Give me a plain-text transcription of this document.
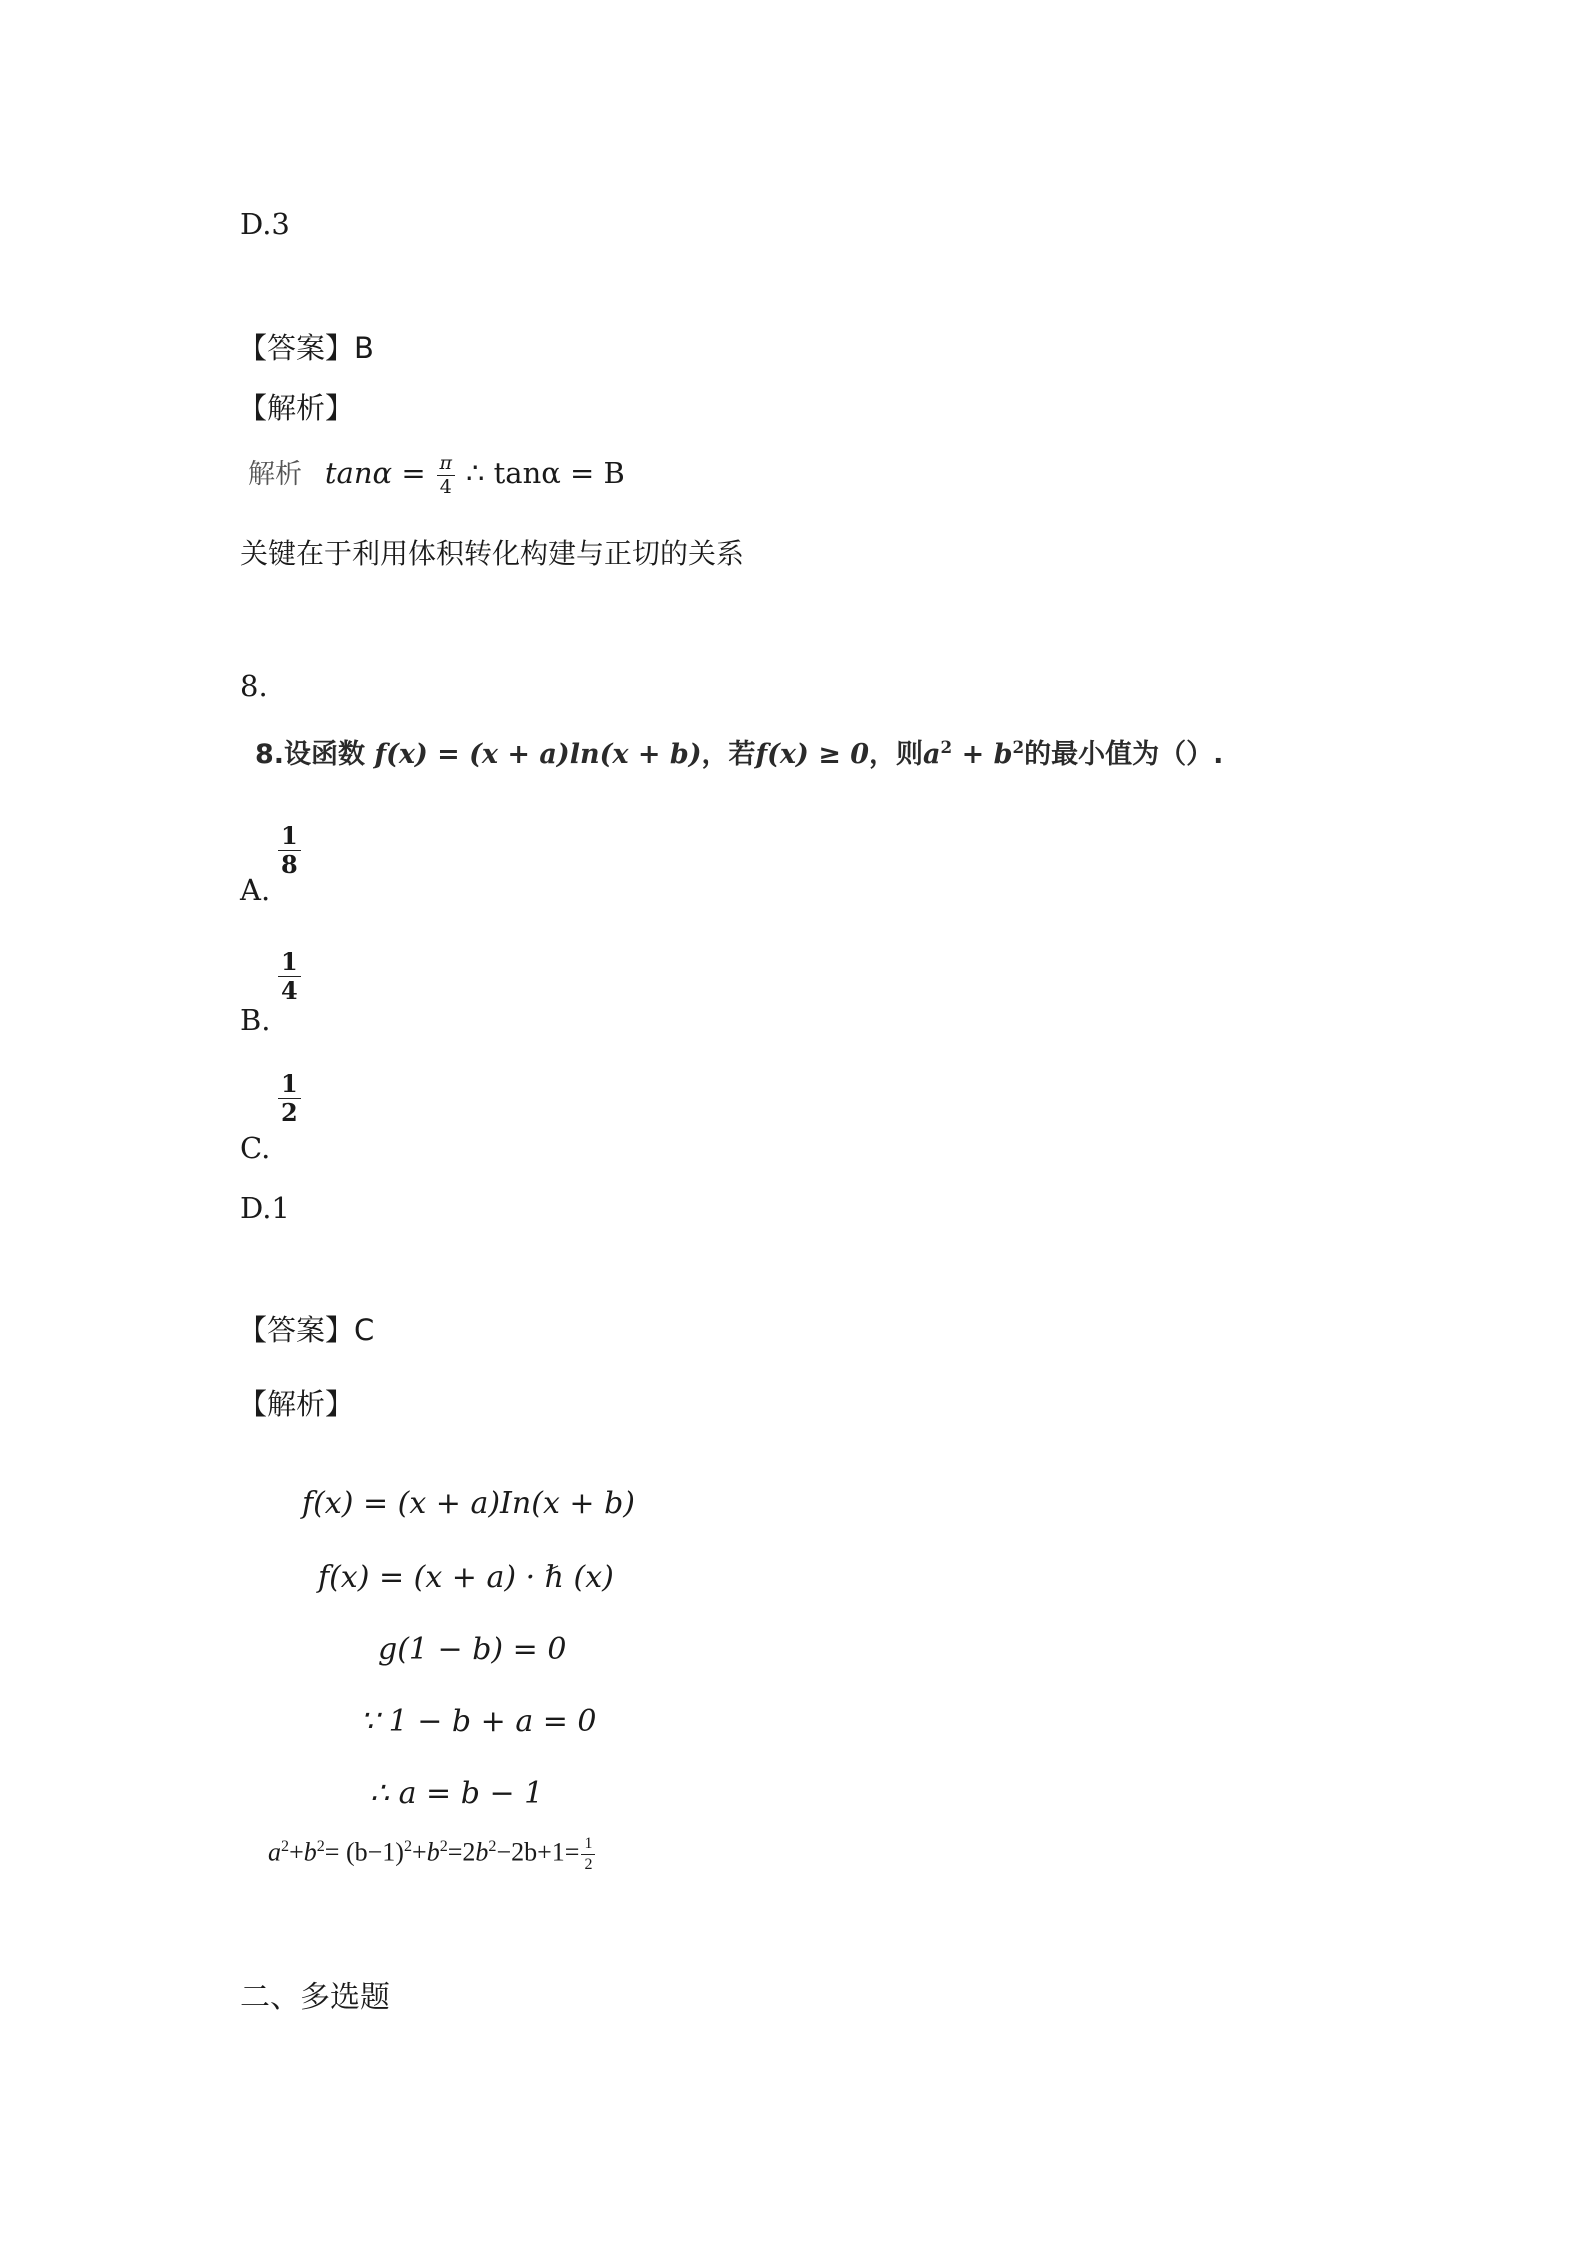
D.3
【答案】B
【解析】
解析 $\tan\alpha = \frac{\pi}{4}$ ∴ tanα = B
关键在于利用体积转化构建与正切的关系
8.
8.设函数 f(x) = (x + a)ln(x + b)，若f(x) ≥ 0，则$a^2 + b^2$的最小值为（）.
A.
$\frac{1}{8}$
B.
$\frac{1}{4}$
C.
$\frac{1}{2}$
D.1
【答案】C
【解析】
f(x) = (x + a)In(x + b)
f(x) = (x + a) · ℏ (x)
g(1 − b) = 0
∵ 1 − b + a = 0
∴ a = b − 1
$a^2+b^2= (b-1)^2+b^2=2b^2-2b+1= \frac{1}{2}$
二、多选题
